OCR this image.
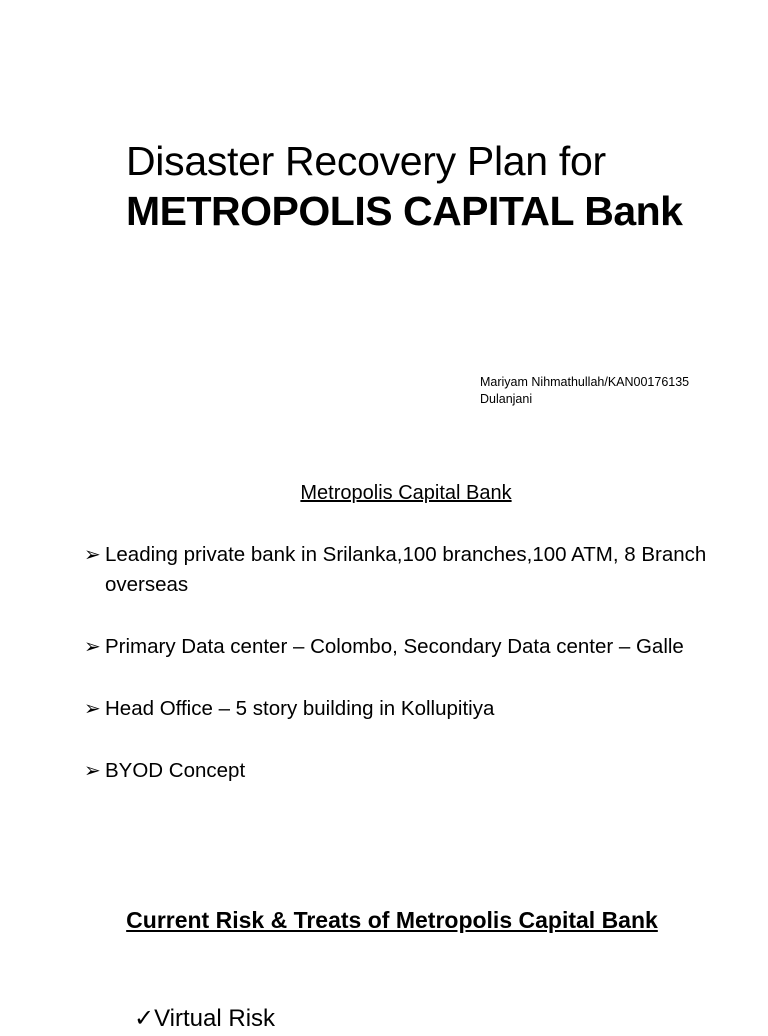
Disaster Recovery Plan for
METROPOLIS CAPITAL Bank
Mariyam Nihmathullah/KAN00176135
Dulanjani
Metropolis Capital Bank
➢ Leading private bank in Srilanka,100 branches,100 ATM, 8 Branch overseas
➢ Primary Data center – Colombo, Secondary Data center – Galle
➢ Head Office – 5 story building in Kollupitiya
➢ BYOD Concept
Current Risk & Treats of Metropolis Capital Bank
✓Virtual Risk
